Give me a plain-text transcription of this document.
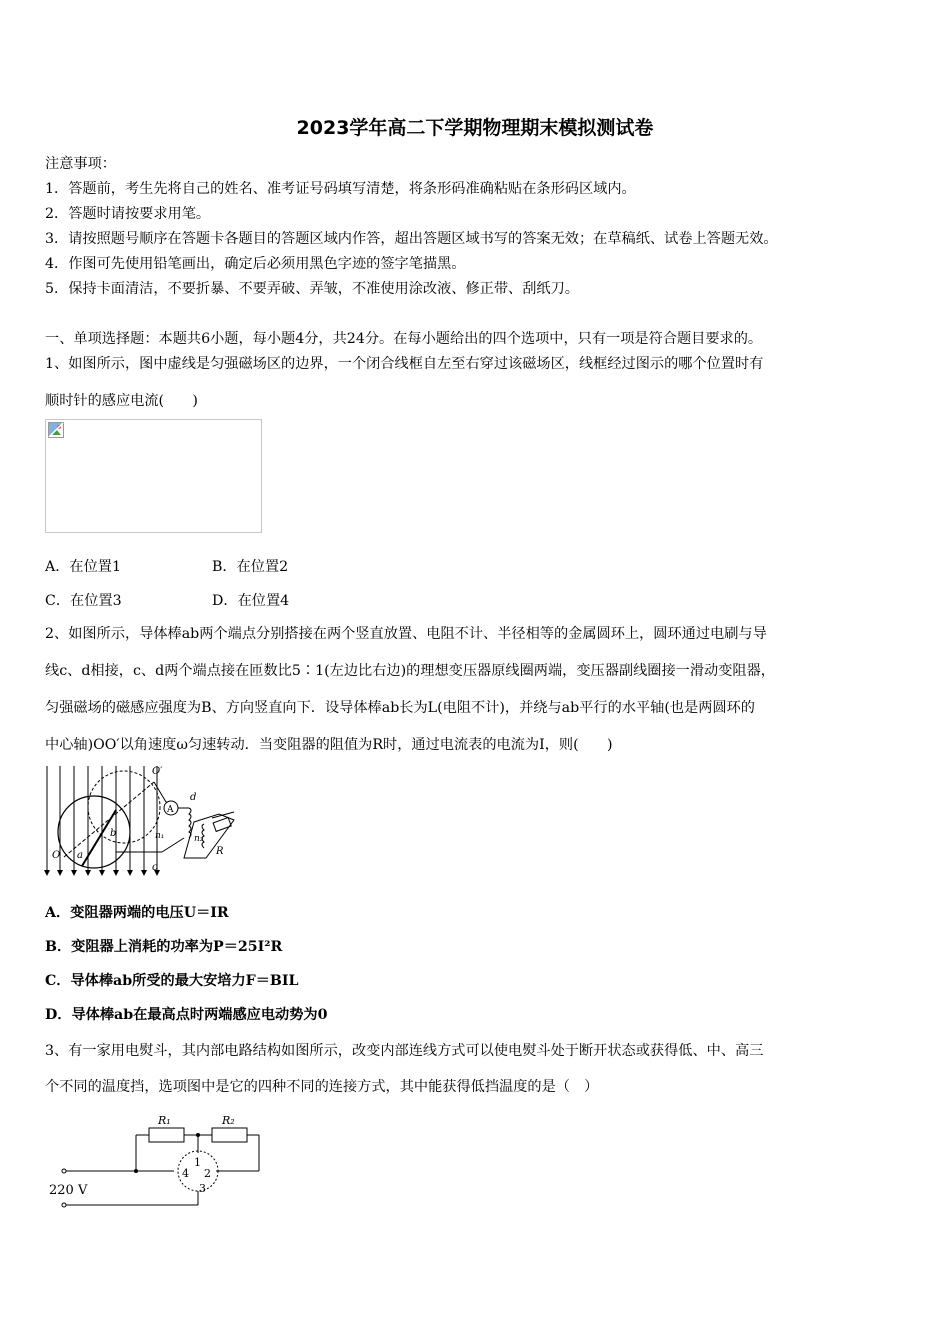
2023学年高二下学期物理期末模拟测试卷
注意事项：
1．答题前，考生先将自己的姓名、准考证号码填写清楚，将条形码准确粘贴在条形码区域内。
2．答题时请按要求用笔。
3．请按照题号顺序在答题卡各题目的答题区域内作答，超出答题区域书写的答案无效；在草稿纸、试卷上答题无效。
4．作图可先使用铅笔画出，确定后必须用黑色字迹的签字笔描黑。
5．保持卡面清洁，不要折暴、不要弄破、弄皱，不准使用涂改液、修正带、刮纸刀。
一、单项选择题：本题共6小题，每小题4分，共24分。在每小题给出的四个选项中，只有一项是符合题目要求的。
1、如图所示，图中虚线是匀强磁场区的边界，一个闭合线框自左至右穿过该磁场区，线框经过图示的哪个位置时有
顺时针的感应电流(　　)
A．在位置1	B．在位置2
C．在位置3	D．在位置4
2、如图所示，导体棒ab两个端点分别搭接在两个竖直放置、电阻不计、半径相等的金属圆环上，圆环通过电刷与导
线c、d相接，c、d两个端点接在匝数比5∶1(左边比右边)的理想变压器原线圈两端，变压器副线圈接一滑动变阻器，
匀强磁场的磁感应强度为B、方向竖直向下．设导体棒ab长为L(电阻不计)，并绕与ab平行的水平轴(也是两圆环的
中心轴)OO′以角速度ω匀速转动．当变阻器的阻值为R时，通过电流表的电流为I，则(　　)
O′
d
A
n₁	n₂
b
a	R
O
c
A．变阻器两端的电压U＝IR
B．变阻器上消耗的功率为P＝25I²R
C．导体棒ab所受的最大安培力F＝BIL
D．导体棒ab在最高点时两端感应电动势为0
3、有一家用电熨斗，其内部电路结构如图所示，改变内部连线方式可以使电熨斗处于断开状态或获得低、中、高三
个不同的温度挡，选项图中是它的四种不同的连接方式，其中能获得低挡温度的是（　）
R₁	R₂
220 V
1
2
3
4
